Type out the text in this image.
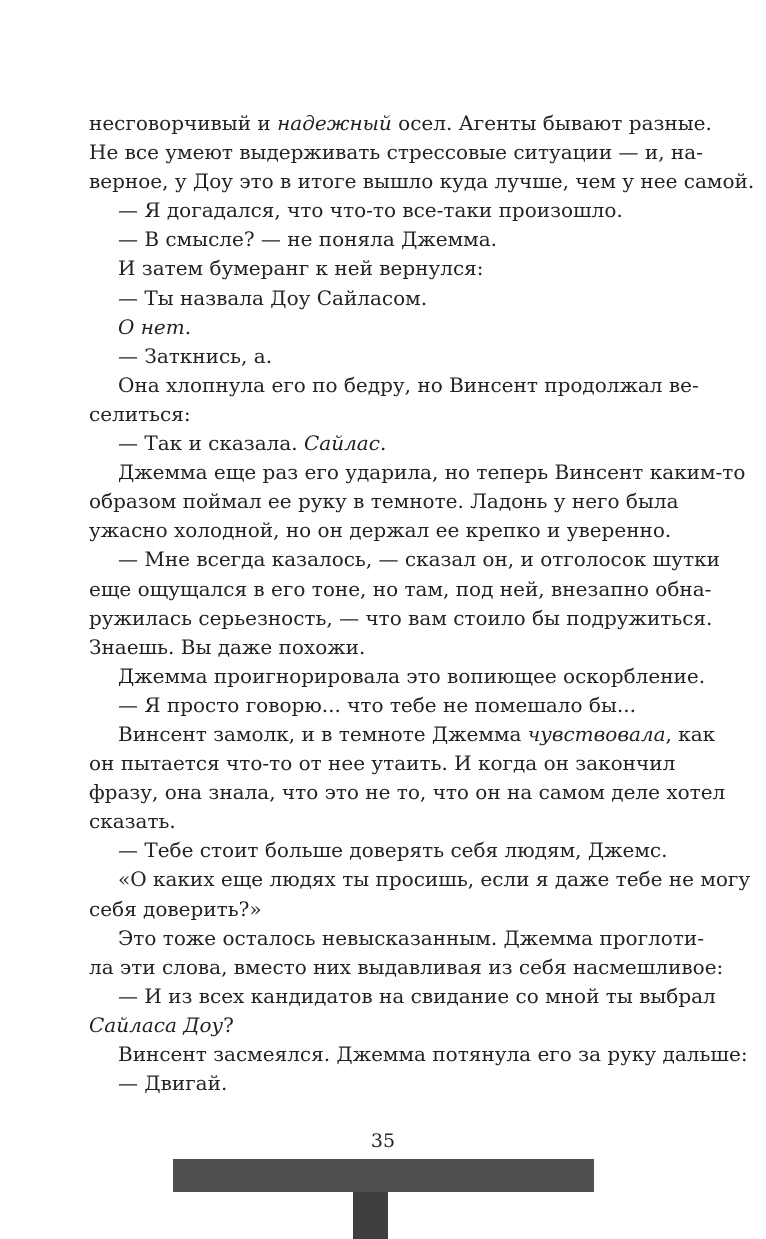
несговорчивый и надежный осел. Агенты бывают разные.
Не все умеют выдерживать стрессовые ситуации — и, на-
верное, у Доу это в итоге вышло куда лучше, чем у нее самой.
— Я догадался, что что-то все-таки произошло.
— В смысле? — не поняла Джемма.
И затем бумеранг к ней вернулся:
— Ты назвала Доу Сайласом.
О нет.
— Заткнись, а.
Она хлопнула его по бедру, но Винсент продолжал ве-
селиться:
— Так и сказала. Сайлас.
Джемма еще раз его ударила, но теперь Винсент каким-то
образом поймал ее руку в темноте. Ладонь у него была
ужасно холодной, но он держал ее крепко и уверенно.
— Мне всегда казалось, — сказал он, и отголосок шутки
еще ощущался в его тоне, но там, под ней, внезапно обна-
ружилась серьезность, — что вам стоило бы подружиться.
Знаешь. Вы даже похожи.
Джемма проигнорировала это вопиющее оскорбление.
— Я просто говорю... что тебе не помешало бы...
Винсент замолк, и в темноте Джемма чувствовала, как
он пытается что-то от нее утаить. И когда он закончил
фразу, она знала, что это не то, что он на самом деле хотел
сказать.
— Тебе стоит больше доверять себя людям, Джемс.
«О каких еще людях ты просишь, если я даже тебе не могу
себя доверить?»
Это тоже осталось невысказанным. Джемма проглоти-
ла эти слова, вместо них выдавливая из себя насмешливое:
— И из всех кандидатов на свидание со мной ты выбрал
Сайласа Доу?
Винсент засмеялся. Джемма потянула его за руку дальше:
— Двигай.
35
